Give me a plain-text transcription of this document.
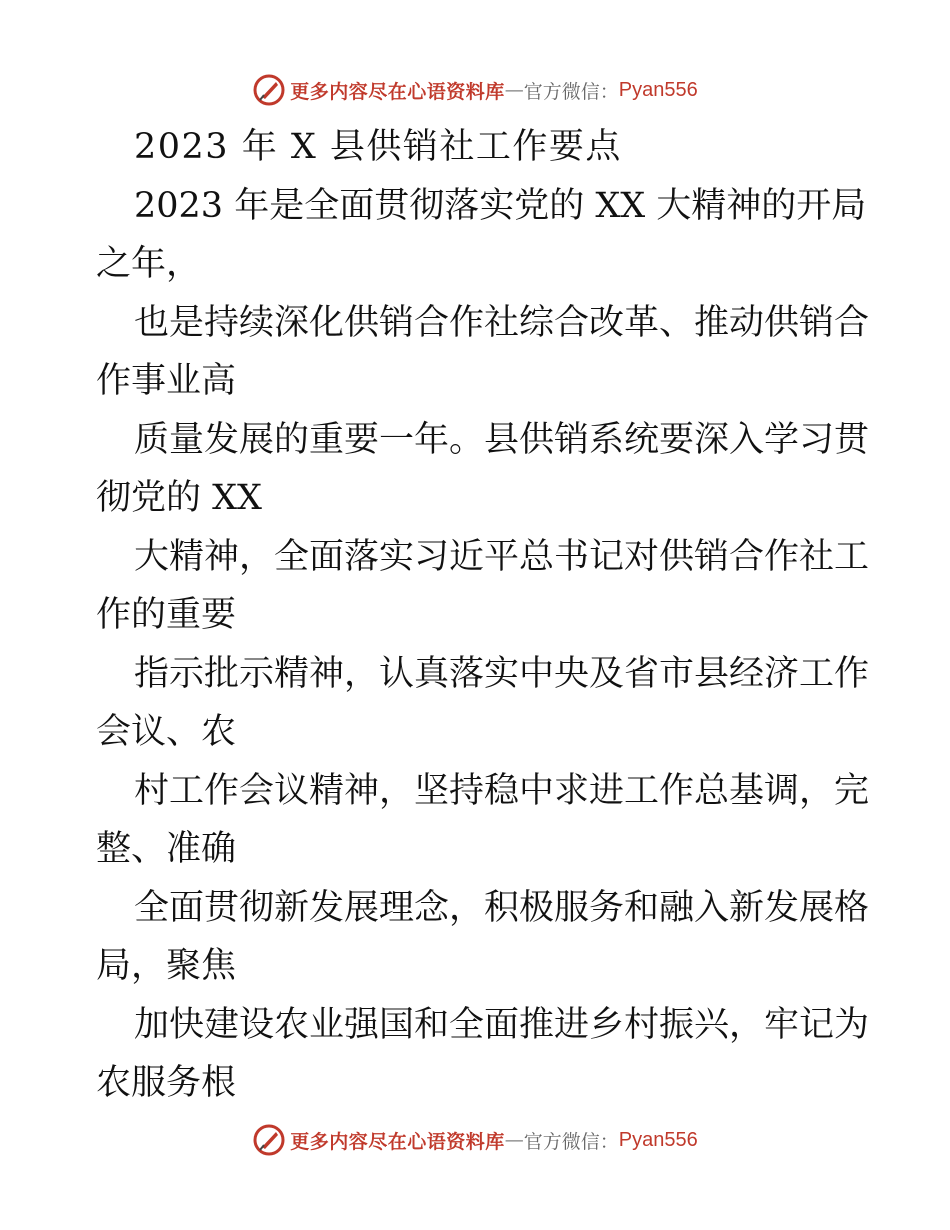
更多内容尽在心语资料库 — 官方微信： Pyan556
2023 年 X 县供销社工作要点
2023 年是全面贯彻落实党的 XX 大精神的开局
之年，
也是持续深化供销合作社综合改革、推动供销合
作事业高
质量发展的重要一年。县供销系统要深入学习贯
彻党的 XX
大精神，全面落实习近平总书记对供销合作社工
作的重要
指示批示精神，认真落实中央及省市县经济工作
会议、农
村工作会议精神，坚持稳中求进工作总基调，完
整、准确
全面贯彻新发展理念，积极服务和融入新发展格
局，聚焦
加快建设农业强国和全面推进乡村振兴，牢记为
农服务根
更多内容尽在心语资料库 — 官方微信： Pyan556
